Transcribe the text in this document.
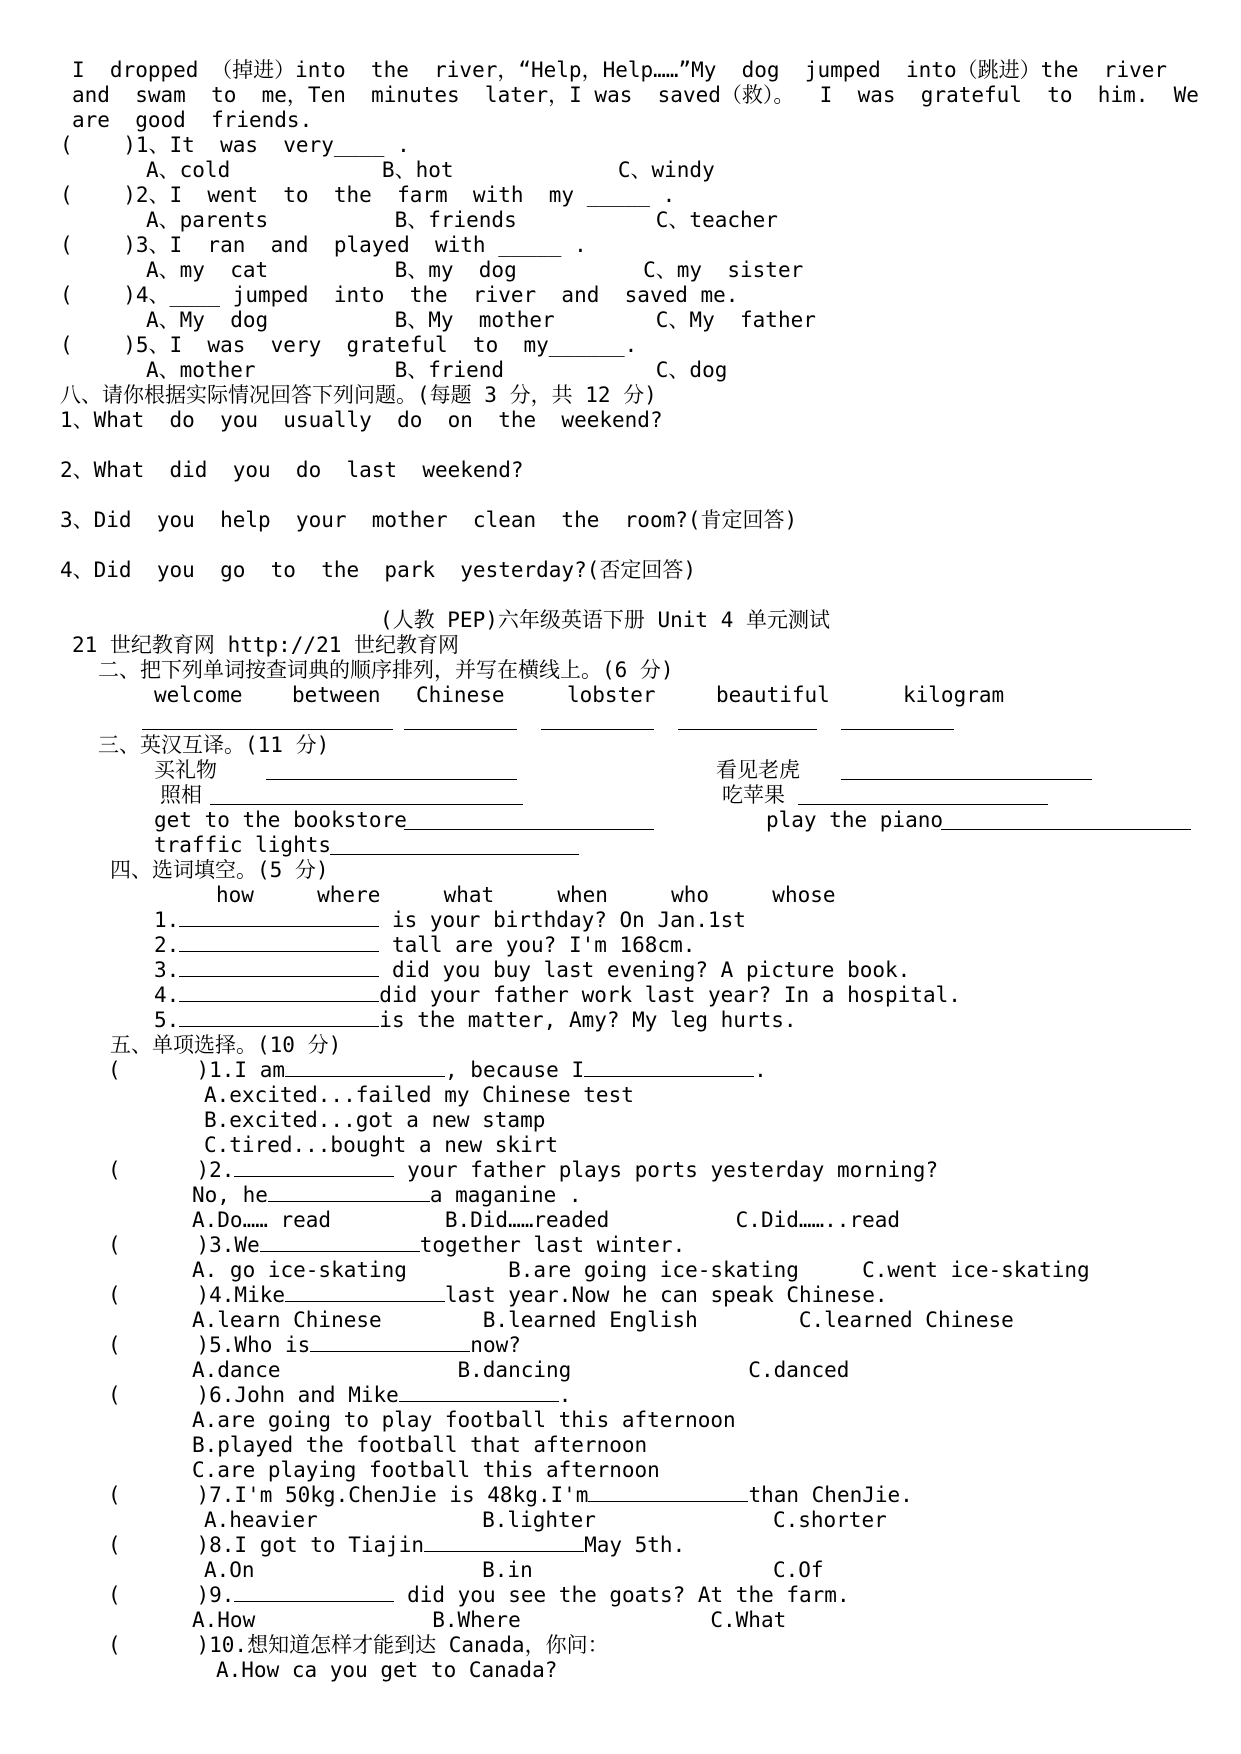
I  dropped （掉进）into  the  river，“Help，Help……”My  dog  jumped  into（跳进）the  river

and  swam  to  me，Ten  minutes  later，I was  saved（救）。  I  was  grateful  to  him.  We

are  good  friends.

(    )1、It  was  very____ .

A、cold            B、hot             C、windy

(    )2、I  went  to  the  farm  with  my _____ .

A、parents          B、friends           C、teacher

(    )3、I  ran  and  played  with _____ .

A、my  cat          B、my  dog          C、my  sister

(    )4、____ jumped  into  the  river  and  saved me.

A、My  dog          B、My  mother        C、My  father

(    )5、I  was  very  grateful  to  my______.

A、mother           B、friend            C、dog

八、请你根据实际情况回答下列问题。(每题 3 分，共 12 分)

1、What  do  you  usually  do  on  the  weekend?

2、What  did  you  do  last  weekend?

3、Did  you  help  your  mother  clean  the  room?(肯定回答)

4、Did  you  go  to  the  park  yesterday?(否定回答)

(人教 PEP)六年级英语下册 Unit 4 单元测试

21 世纪教育网 http://21 世纪教育网

二、把下列单词按查词典的顺序排列，并写在横线上。(6 分)

welcome between Chinese	lobster	beautiful	kilogram

三、英汉互译。(11 分)

买礼物	看见老虎

照相	吃苹果

get to the bookstore	play the piano

traffic lights

四、选词填空。(5 分)

how     where     what     when     who     whose

1.	is your birthday? On Jan.1st

2.	tall are you? I'm 168cm.

3.	did you buy last evening? A picture book.

4.	did your father work last year? In a hospital.

5.	is the matter, Amy? My leg hurts.

五、单项选择。(10 分)

(      )1.I am	, because I	.

A.excited...failed my Chinese test

B.excited...got a new stamp

C.tired...bought a new skirt

(      )2.	your father plays ports yesterday morning?

No, he	a maganine .

A.Do…… read         B.Did……readed          C.Did……..read

(      )3.We	together last winter.

A. go ice-skating        B.are going ice-skating     C.went ice-skating

(      )4.Mike	last year.Now he can speak Chinese.

A.learn Chinese        B.learned English        C.learned Chinese

(      )5.Who is	now?

A.dance              B.dancing              C.danced

(      )6.John and Mike	.

A.are going to play football this afternoon

B.played the football that afternoon

C.are playing football this afternoon

(      )7.I'm 50kg.ChenJie is 48kg.I'm	than ChenJie.

A.heavier             B.lighter              C.shorter

(      )8.I got to Tiajin	May 5th.

A.On                  B.in                   C.Of

(      )9.	did you see the goats? At the farm.

A.How              B.Where               C.What

(      )10.想知道怎样才能到达 Canada，你问：

A.How ca you get to Canada?
